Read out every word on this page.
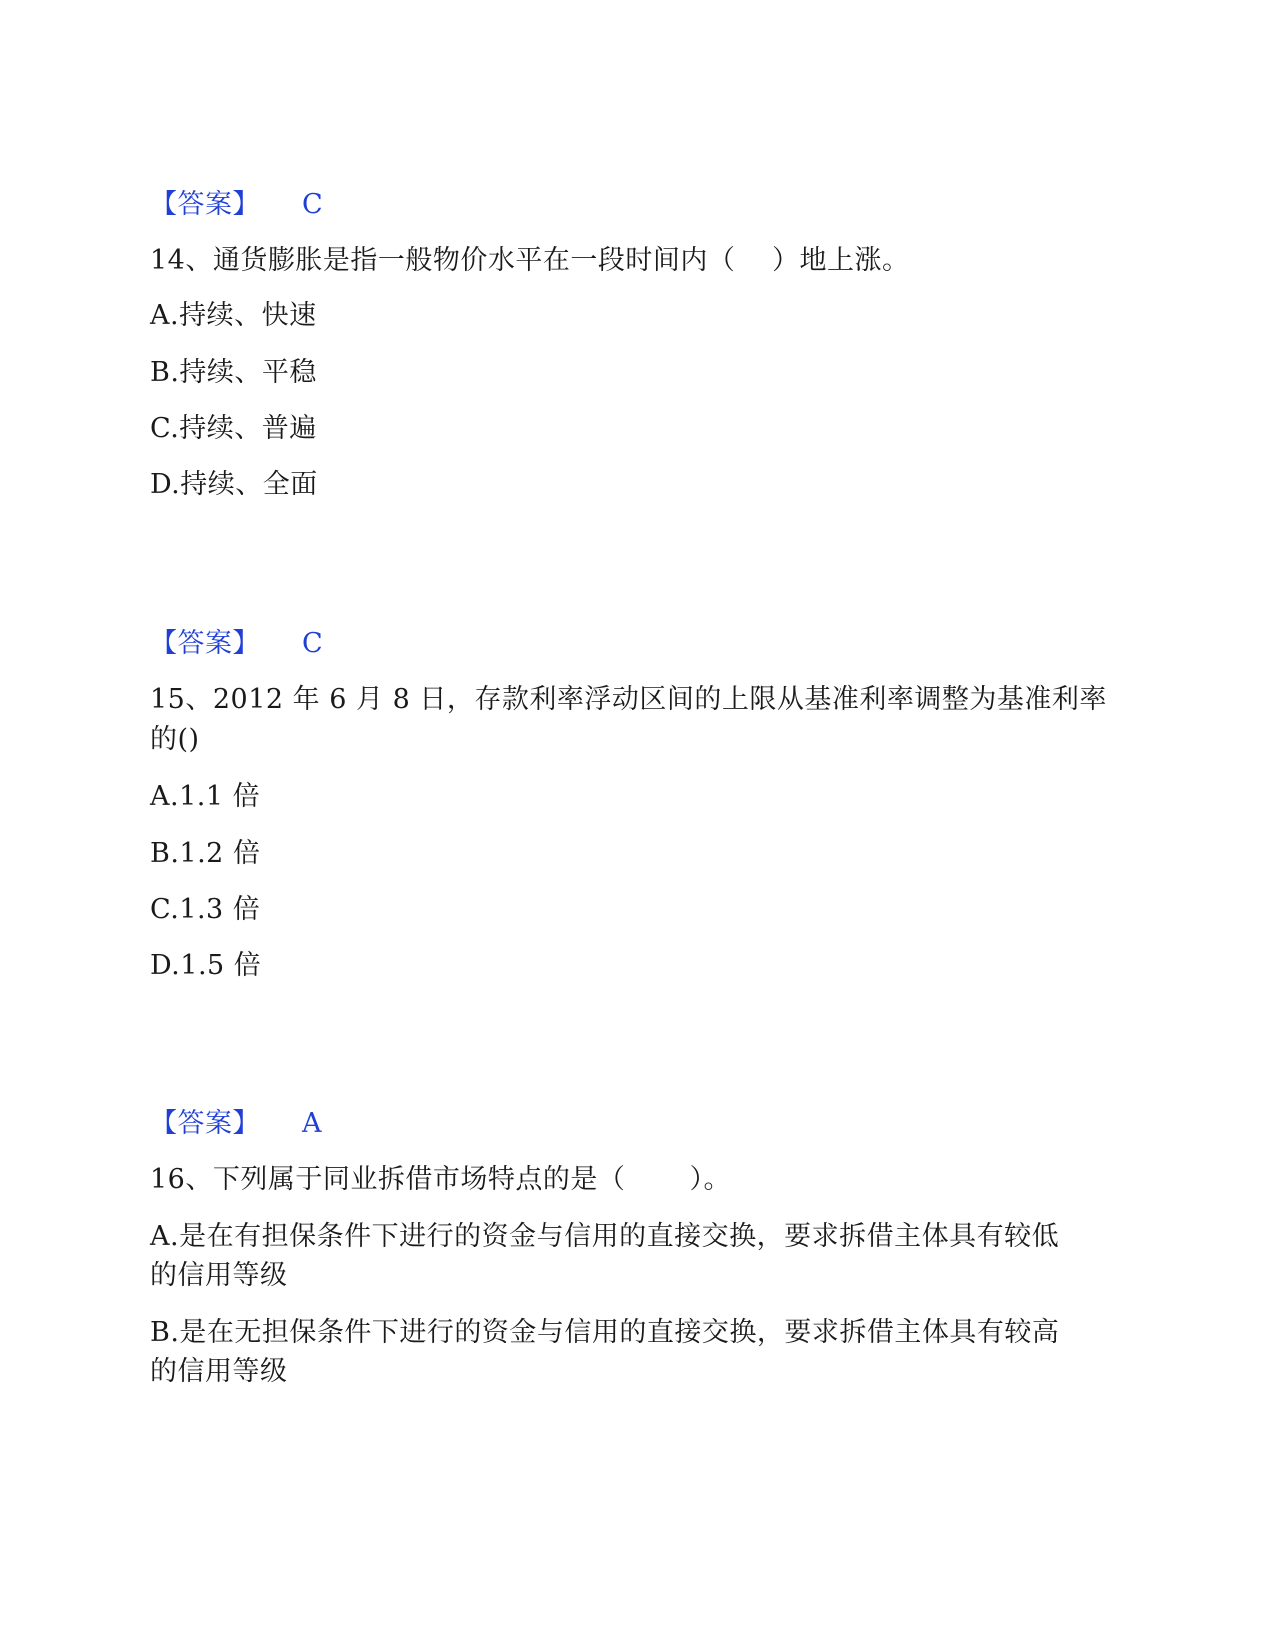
【答案】 C
14、通货膨胀是指一般物价水平在一段时间内（　 ）地上涨。
A.持续、快速
B.持续、平稳
C.持续、普遍
D.持续、全面
【答案】 C
15、2012 年 6 月 8 日，存款利率浮动区间的上限从基准利率调整为基准利率
的()
A.1.1 倍
B.1.2 倍
C.1.3 倍
D.1.5 倍
【答案】 A
16、下列属于同业拆借市场特点的是（　　 ）。
A.是在有担保条件下进行的资金与信用的直接交换，要求拆借主体具有较低
的信用等级
B.是在无担保条件下进行的资金与信用的直接交换，要求拆借主体具有较高
的信用等级
